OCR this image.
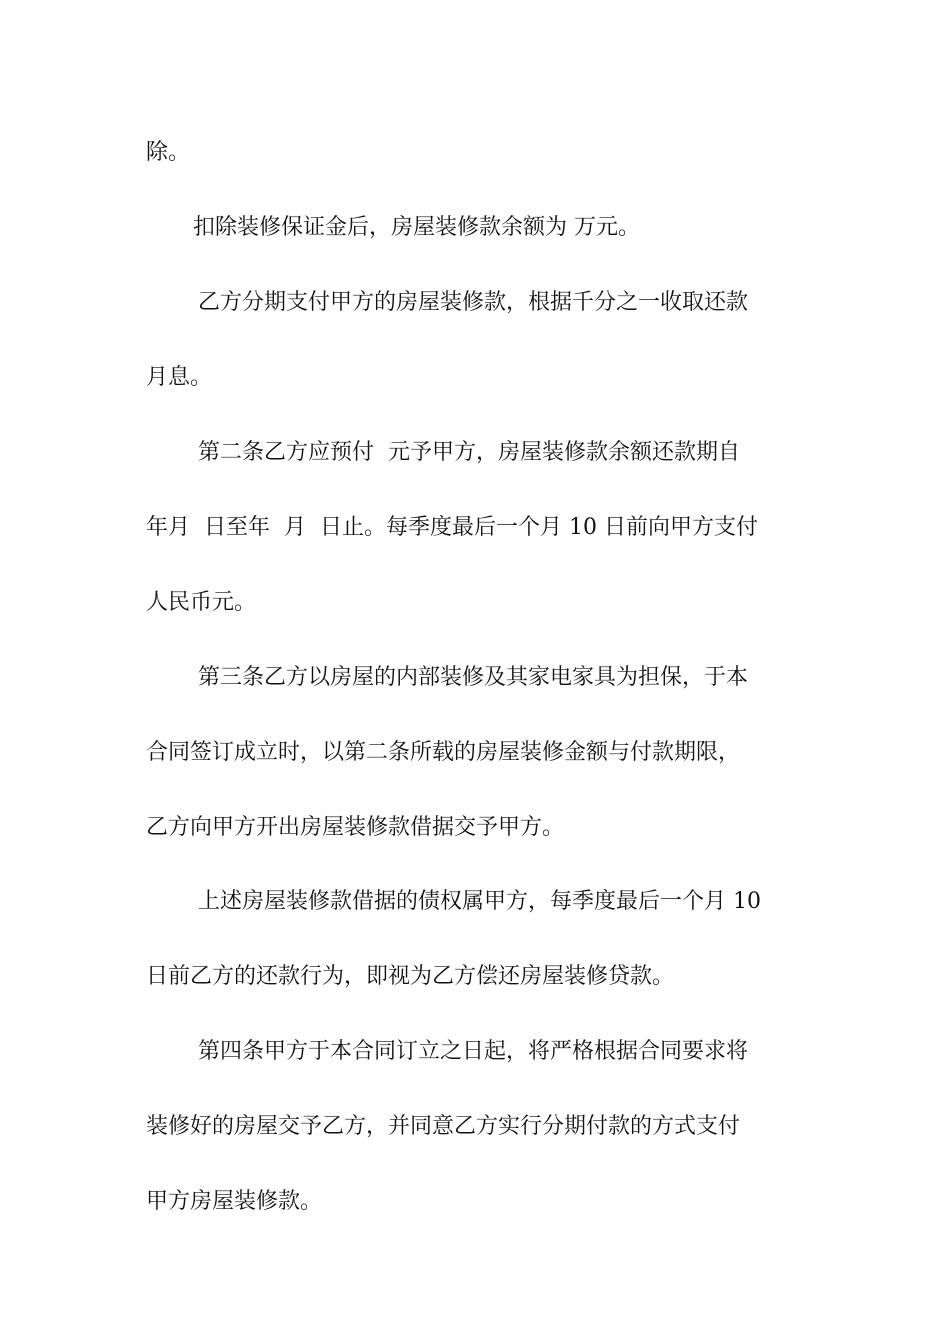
除。

扣除装修保证金后，房屋装修款余额为 万元。

乙方分期支付甲方的房屋装修款，根据千分之一收取还款

月息。

第二条乙方应预付  元予甲方，房屋装修款余额还款期自

年月  日至年  月  日止。每季度最后一个月 10 日前向甲方支付

人民币元。

第三条乙方以房屋的内部装修及其家电家具为担保，于本

合同签订成立时，以第二条所载的房屋装修金额与付款期限，

乙方向甲方开出房屋装修款借据交予甲方。

上述房屋装修款借据的债权属甲方，每季度最后一个月 10

日前乙方的还款行为，即视为乙方偿还房屋装修贷款。

第四条甲方于本合同订立之日起，将严格根据合同要求将

装修好的房屋交予乙方，并同意乙方实行分期付款的方式支付

甲方房屋装修款。
